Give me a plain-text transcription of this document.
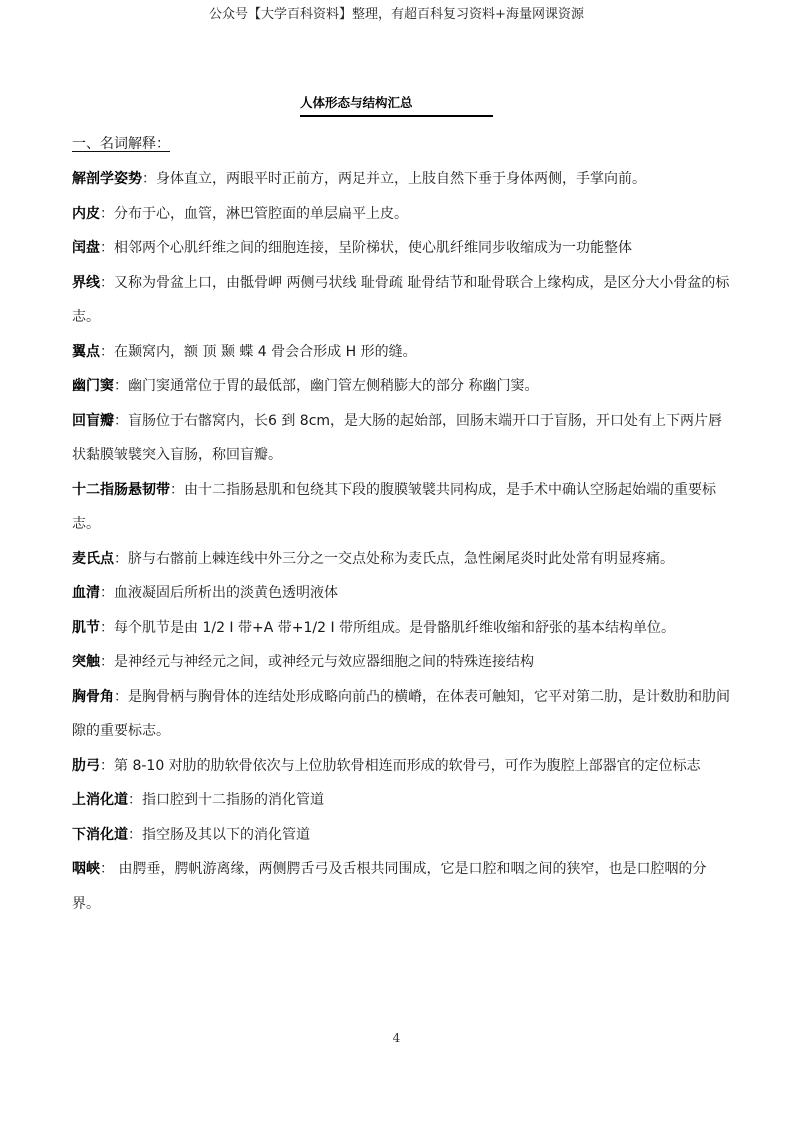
公众号【大学百科资料】整理，有超百科复习资料+海量网课资源
人体形态与结构汇总
一、名词解释：

解剖学姿势：身体直立，两眼平时正前方，两足并立，上肢自然下垂于身体两侧，手掌向前。

内皮：分布于心，血管，淋巴管腔面的单层扁平上皮。

闰盘：相邻两个心肌纤维之间的细胞连接，呈阶梯状，使心肌纤维同步收缩成为一功能整体

界线：又称为骨盆上口，由骶骨岬 两侧弓状线 耻骨疏 耻骨结节和耻骨联合上缘构成，是区分大小骨盆的标志。

翼点：在颞窝内，额 顶 颞 蝶 4 骨会合形成 H 形的缝。

幽门窦：幽门窦通常位于胃的最低部，幽门管左侧稍膨大的部分 称幽门窦。

回盲瓣：盲肠位于右髂窝内，长6 到 8cm，是大肠的起始部，回肠末端开口于盲肠，开口处有上下两片唇状黏膜皱襞突入盲肠，称回盲瓣。

十二指肠悬韧带：由十二指肠悬肌和包绕其下段的腹膜皱襞共同构成，是手术中确认空肠起始端的重要标志。

麦氏点：脐与右髂前上棘连线中外三分之一交点处称为麦氏点，急性阑尾炎时此处常有明显疼痛。

血清：血液凝固后所析出的淡黄色透明液体

肌节：每个肌节是由 1/2 I 带+A 带+1/2 I 带所组成。是骨骼肌纤维收缩和舒张的基本结构单位。

突触：是神经元与神经元之间，或神经元与效应器细胞之间的特殊连接结构

胸骨角：是胸骨柄与胸骨体的连结处形成略向前凸的横嵴，在体表可触知，它平对第二肋，是计数肋和肋间隙的重要标志。

肋弓：第 8-10 对肋的肋软骨依次与上位肋软骨相连而形成的软骨弓，可作为腹腔上部器官的定位标志

上消化道：指口腔到十二指肠的消化管道

下消化道：指空肠及其以下的消化管道

咽峡： 由腭垂，腭帆游离缘，两侧腭舌弓及舌根共同围成，它是口腔和咽之间的狭窄，也是口腔咽的分界。

4
